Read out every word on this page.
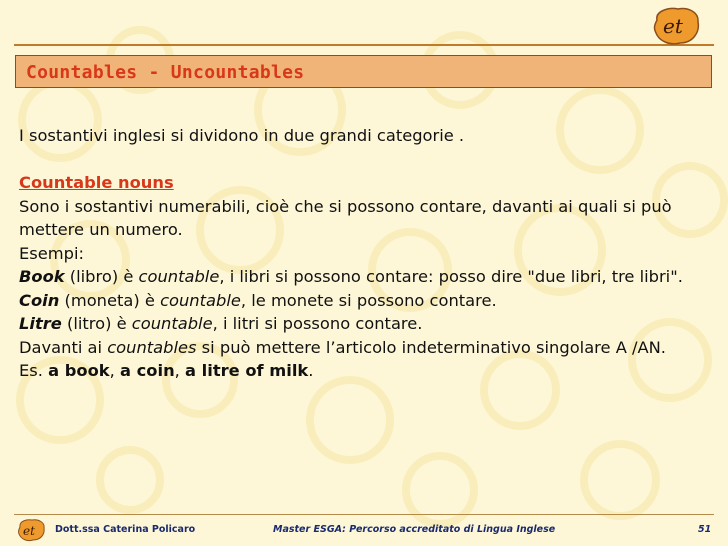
et
Countables - Uncountables

I sostantivi inglesi si dividono in due grandi categorie .

Countable nouns

Sono i sostantivi numerabili, cioè che si possono contare, davanti ai quali si può mettere un numero.

Esempi:

Book (libro) è countable, i libri si possono contare: posso dire "due libri, tre libri".

Coin (moneta) è countable, le monete si possono contare.

Litre (litro) è countable, i litri si possono contare.

Davanti ai countables si può mettere l’articolo indeterminativo singolare A /AN.

Es. a book, a coin, a litre of milk.

et Dott.ssa Caterina Policaro	Master ESGA: Percorso accreditato di Lingua Inglese	51
